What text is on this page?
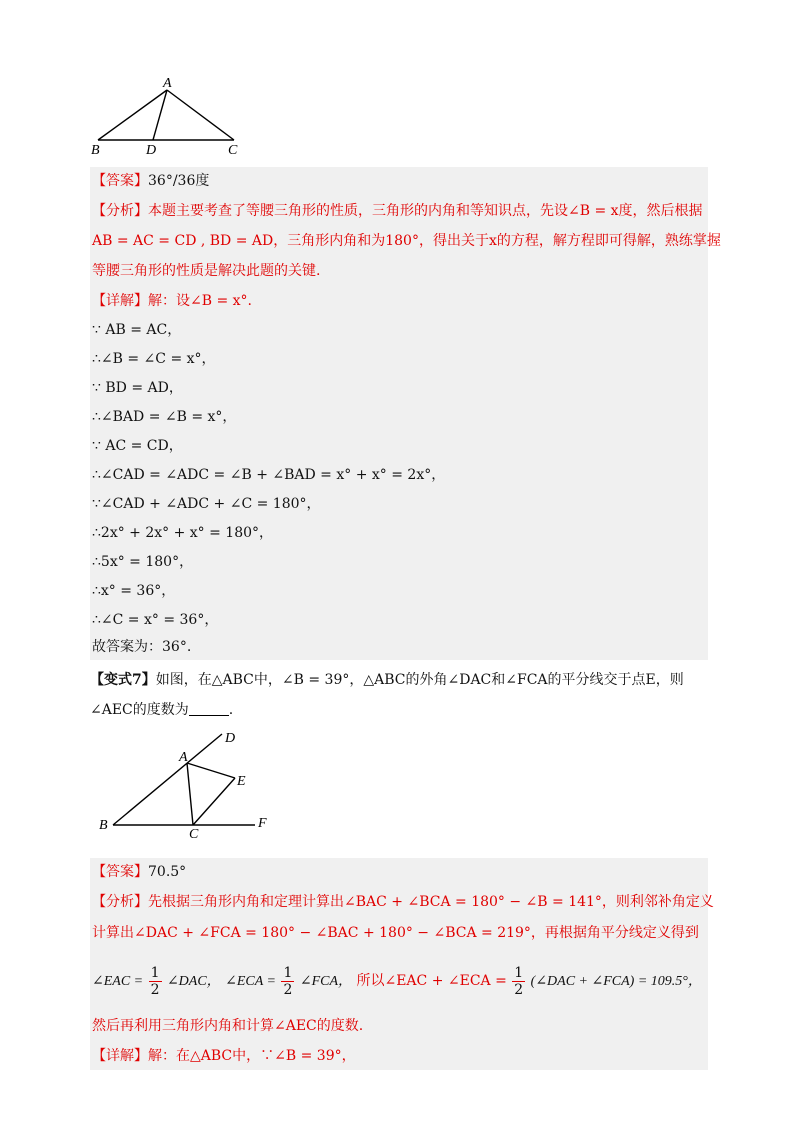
A
B	D	C
【答案】36°/36度
【分析】本题主要考查了等腰三角形的性质，三角形的内角和等知识点，先设∠B = x度，然后根据
AB = AC = CD , BD = AD，三角形内角和为180°，得出关于x的方程，解方程即可得解，熟练掌握
等腰三角形的性质是解决此题的关键.
【详解】解：设∠B = x°.
∵ AB = AC，
∴∠B = ∠C = x°，
∵ BD = AD，
∴∠BAD = ∠B = x°，
∵ AC = CD，
∴∠CAD = ∠ADC = ∠B + ∠BAD = x° + x° = 2x°，
∵∠CAD + ∠ADC + ∠C = 180°，
∴2x° + 2x° + x° = 180°，
∴5x° = 180°，
∴x° = 36°，
∴∠C = x° = 36°，
故答案为：36°.
【变式7】如图，在△ABC中，∠B = 39°，△ABC的外角∠DAC和∠FCA的平分线交于点E，则
∠AEC的度数为	.
A
D
E
B
C
F
【答案】70.5°
【分析】先根据三角形内角和定理计算出∠BAC + ∠BCA = 180° − ∠B = 141°，则利邻补角定义
计算出∠DAC + ∠FCA = 180° − ∠BAC + 180° − ∠BCA = 219°，再根据角平分线定义得到
∠EAC = $\frac{1}{2}$ ∠DAC， ∠ECA = $\frac{1}{2}$ ∠FCA， 所以∠EAC + ∠ECA = $\frac{1}{2}$ (∠DAC + ∠FCA) = 109.5°，
然后再利用三角形内角和计算∠AEC的度数.
【详解】解：在△ABC中，∵∠B = 39°，
